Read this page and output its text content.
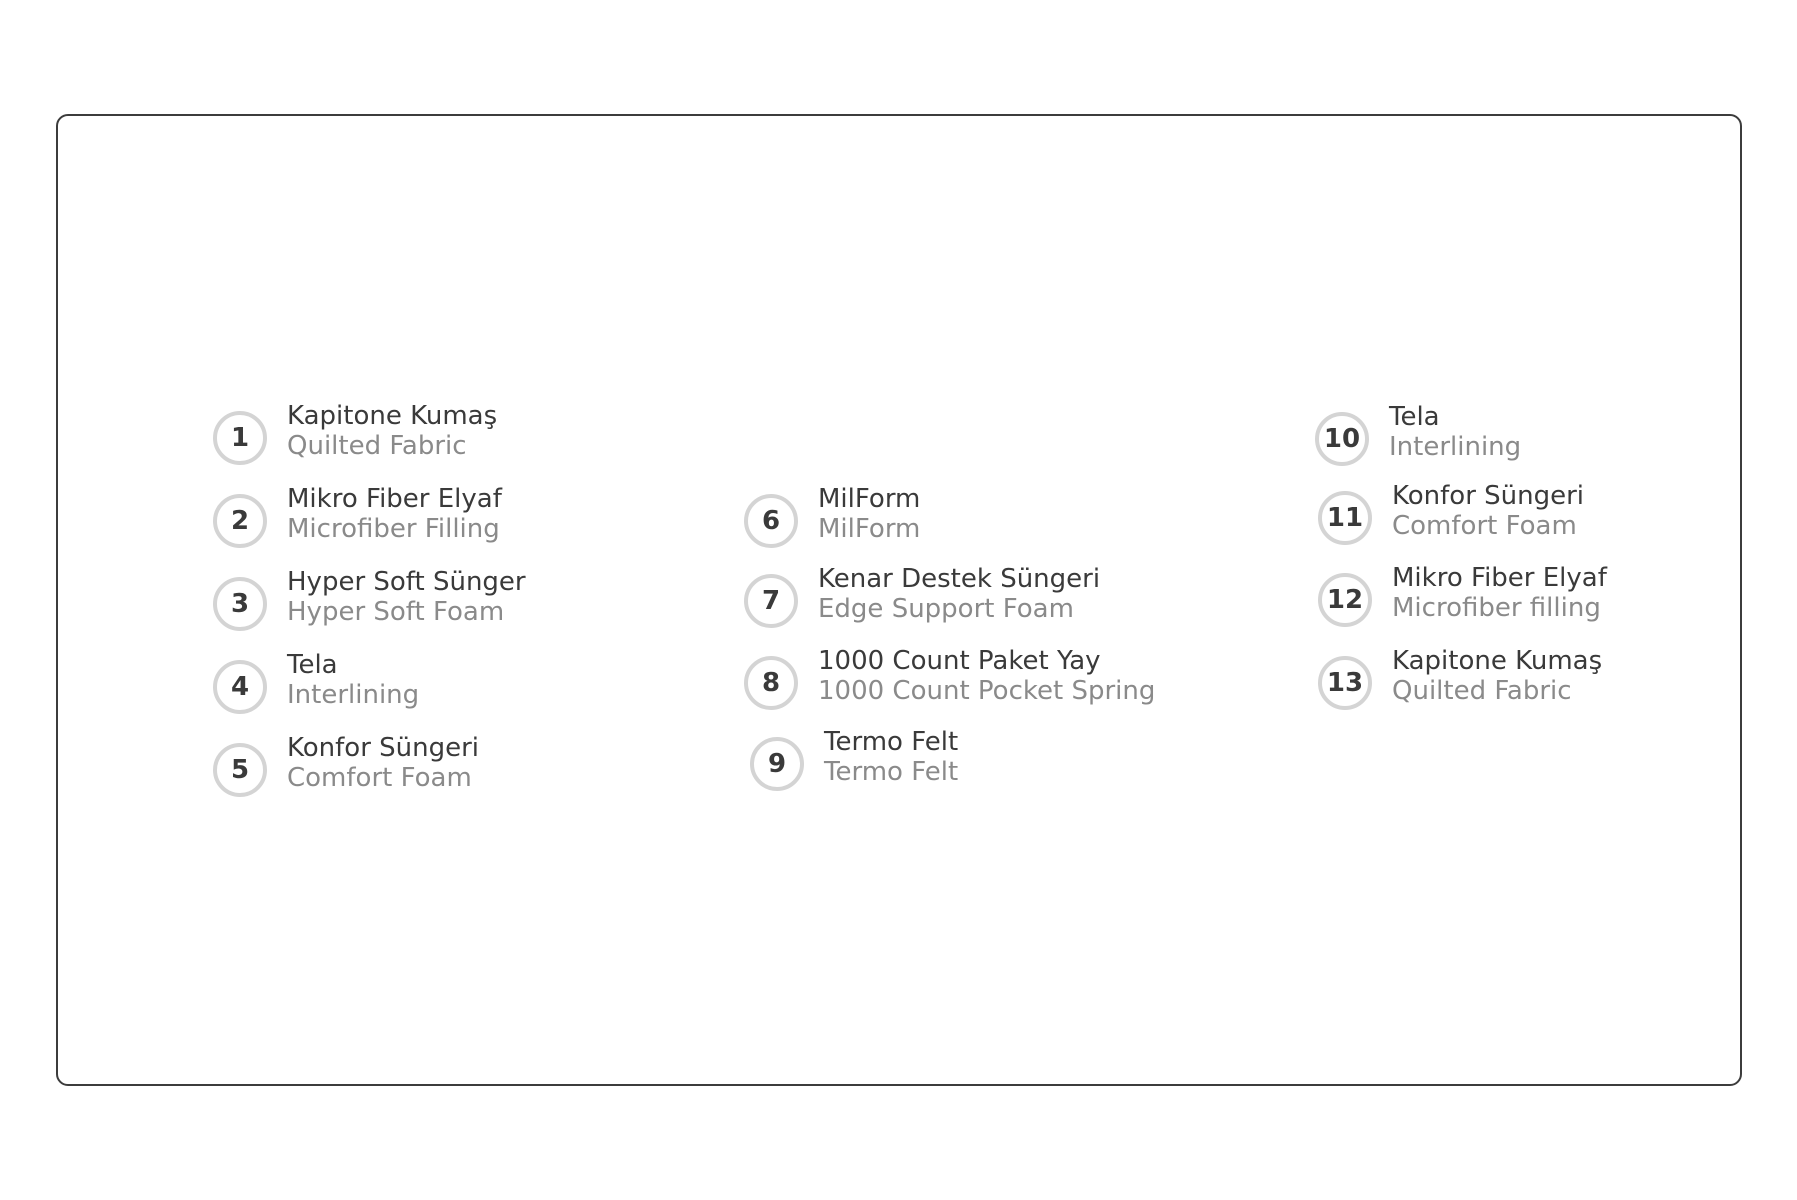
1
Kapitone Kumaş
Quilted Fabric
2
Mikro Fiber Elyaf
Microfiber Filling
3
Hyper Soft Sünger
Hyper Soft Foam
4
Tela
Interlining
5
Konfor Süngeri
Comfort Foam
6
MilForm
MilForm
7
Kenar Destek Süngeri Edge Support Foam
8
1000 Count Paket Yay
1000 Count Pocket Spring
9
Termo Felt
Termo Felt
10
Tela
Interlining
11
Konfor Süngeri
Comfort Foam
12
Mikro Fiber Elyaf
Microfiber filling
13
Kapitone Kumaş
Quilted Fabric
